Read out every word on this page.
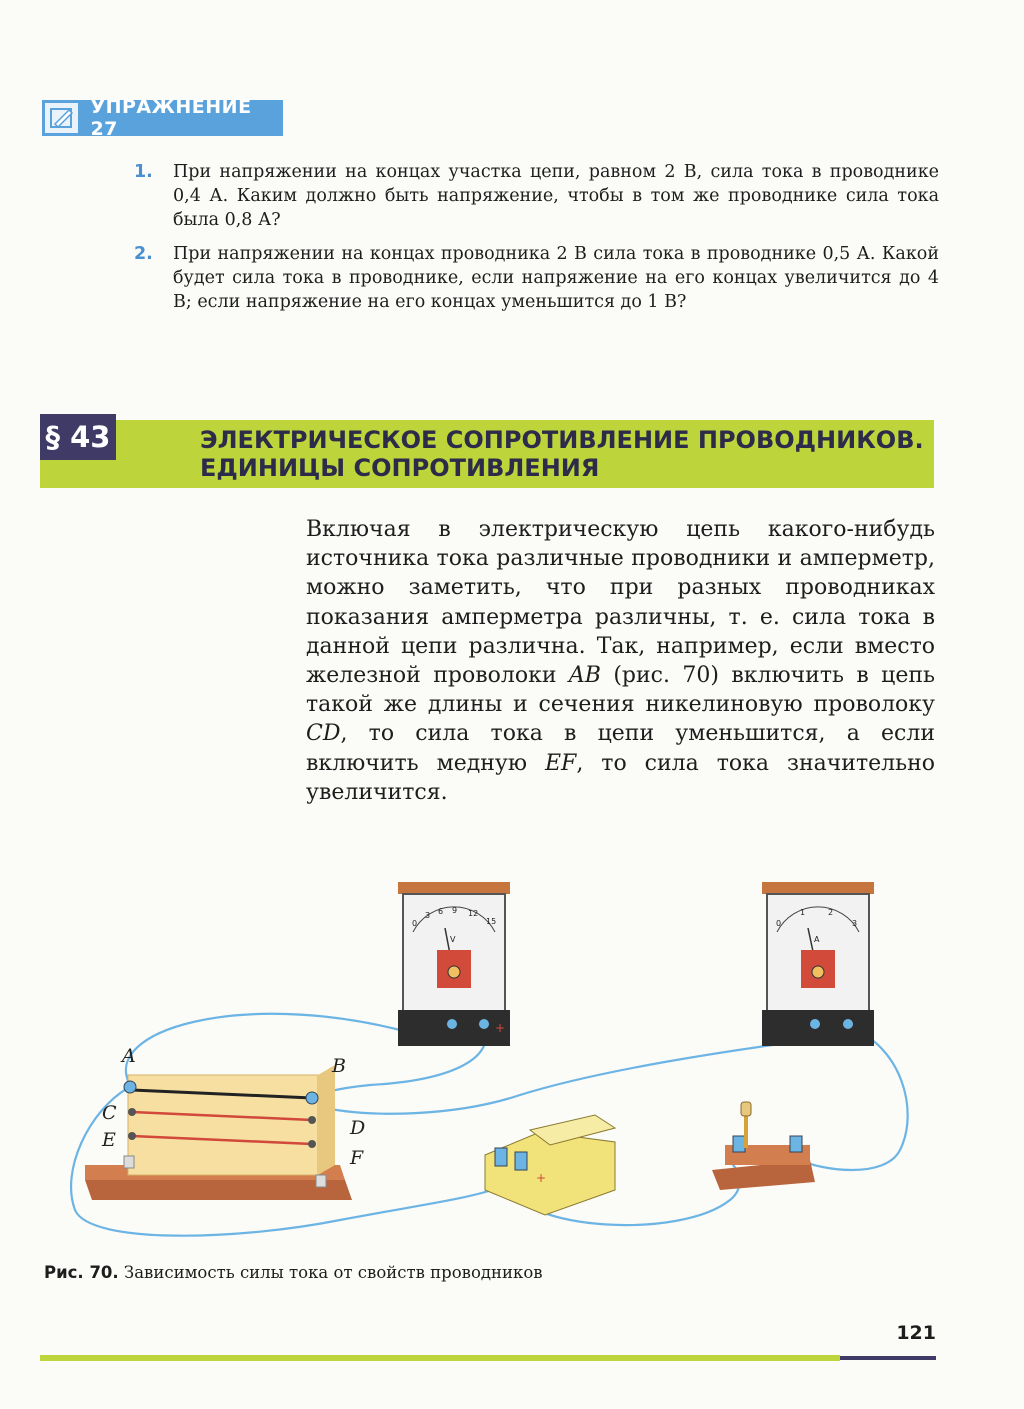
УПРАЖНЕНИЕ 27
1.	При напряжении на концах участка цепи, равном 2 В, сила тока в проводнике 0,4 А. Каким должно быть напряжение, чтобы в том же проводнике сила тока была 0,8 А?
2.	При напряжении на концах проводника 2 В сила тока в проводнике 0,5 А. Какой будет сила тока в проводнике, если напряжение на его концах увеличится до 4 В; если напряжение на его концах уменьшится до 1 В?
§ 43	ЭЛЕКТРИЧЕСКОЕ СОПРОТИВЛЕНИЕ ПРОВОДНИКОВ.
ЕДИНИЦЫ СОПРОТИВЛЕНИЯ
Включая в электрическую цепь какого-нибудь источника тока различные проводники и амперметр, можно заметить, что при разных проводниках показания амперметра различны, т. е. сила тока в данной цепи различна. Так, например, если вместо железной проволоки AB (рис. 70) включить в цепь такой же длины и сечения никелиновую проволоку CD, то сила тока в цепи уменьшится, а если включить медную EF, то сила тока значительно увеличится.
A	B
C
D
E
F
+
0
3 6 9 12
15
V
0
1	2
3
A
+
Рис. 70. Зависимость силы тока от свойств проводников
121
